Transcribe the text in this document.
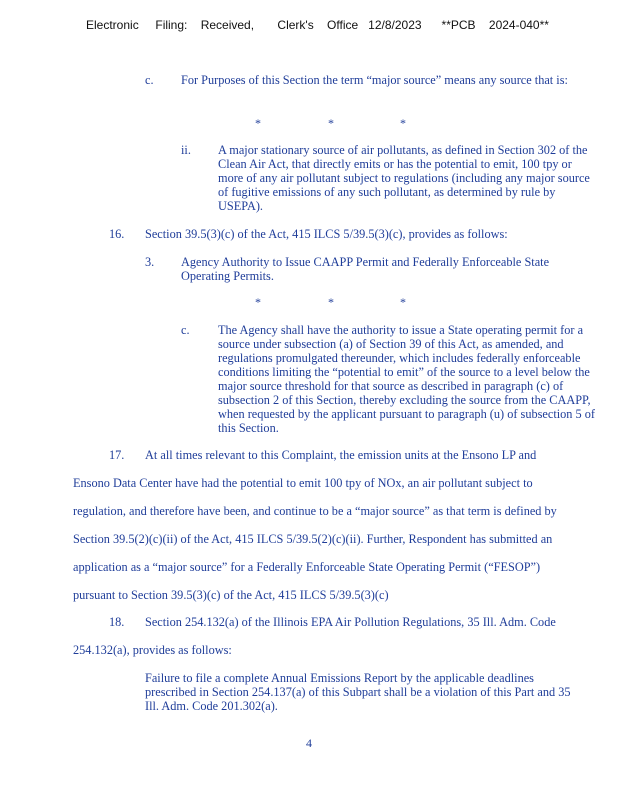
Electronic     Filing:    Received,       Clerk's    Office   12/8/2023      **PCB    2024-040**
c. For Purposes of this Section the term “major source” means any source that is:
*	*	*
ii. A major stationary source of air pollutants, as defined in Section 302 of the Clean Air Act, that directly emits or has the potential to emit, 100 tpy or more of any air pollutant subject to regulations (including any major source of fugitive emissions of any such pollutant, as determined by rule by USEPA).
16. Section 39.5(3)(c) of the Act, 415 ILCS 5/39.5(3)(c), provides as follows:
3. Agency Authority to Issue CAAPP Permit and Federally Enforceable State Operating Permits.
*	*	*
c. The Agency shall have the authority to issue a State operating permit for a source under subsection (a) of Section 39 of this Act, as amended, and regulations promulgated thereunder, which includes federally enforceable conditions limiting the “potential to emit” of the source to a level below the major source threshold for that source as described in paragraph (c) of subsection 2 of this Section, thereby excluding the source from the CAAPP, when requested by the applicant pursuant to paragraph (u) of subsection 5 of this Section.
17. At all times relevant to this Complaint, the emission units at the Ensono LP and
Ensono Data Center have had the potential to emit 100 tpy of NOx, an air pollutant subject to
regulation, and therefore have been, and continue to be a “major source” as that term is defined by
Section 39.5(2)(c)(ii) of the Act, 415 ILCS 5/39.5(2)(c)(ii). Further, Respondent has submitted an
application as a “major source” for a Federally Enforceable State Operating Permit (“FESOP”)
pursuant to Section 39.5(3)(c) of the Act, 415 ILCS 5/39.5(3)(c)
18. Section 254.132(a) of the Illinois EPA Air Pollution Regulations, 35 Ill. Adm. Code
254.132(a), provides as follows:
Failure to file a complete Annual Emissions Report by the applicable deadlines prescribed in Section 254.137(a) of this Subpart shall be a violation of this Part and 35 Ill. Adm. Code 201.302(a).
4
